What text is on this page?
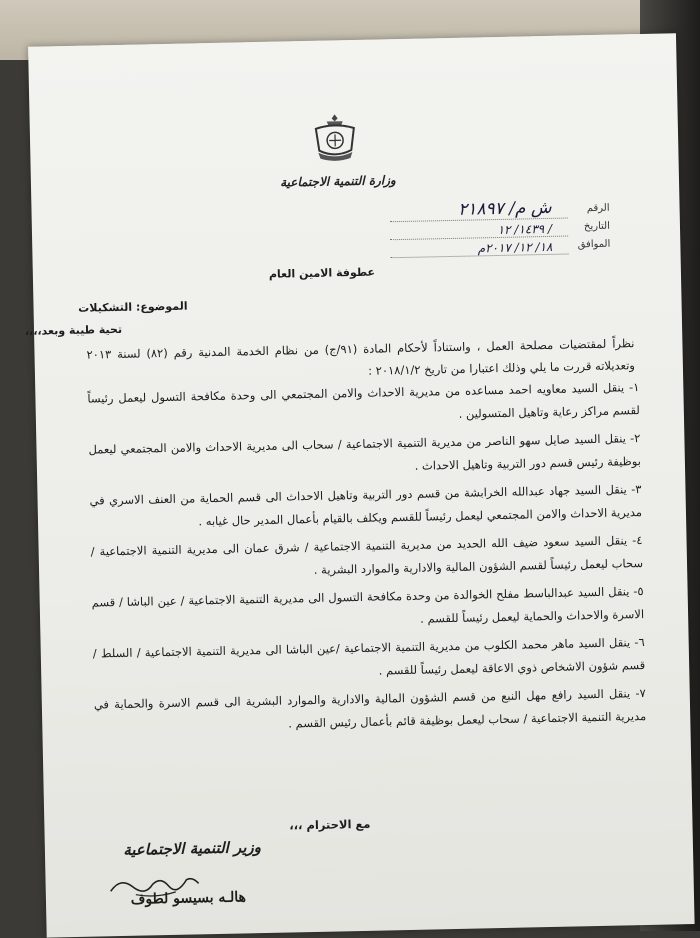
وزارة التنمية الاجتماعية
الرقم
ش م/ ٢١٨٩٧
التاريخ
/ ١٤٣٩/ ١٢
الموافق
١٨/ ١٢/ ٢٠١٧م
عطوفة الامين العام
الموضوع: التشكيلات
تحية طيبة وبعد،،،،
نظراً لمقتضيات مصلحة العمل ، واستناداً لأحكام المادة (٩١/ج) من نظام الخدمة المدنية رقم (٨٢) لسنة ٢٠١٣ وتعديلاته قررت ما يلي وذلك اعتبارا من تاريخ ٢٠١٨/١/٢ :
١- ينقل السيد معاويه احمد مساعده من مديرية الاحداث والامن المجتمعي الى وحدة مكافحة التسول ليعمل رئيساً لقسم مراكز رعاية وتاهيل المتسولين .
٢- ينقل السيد صايل سهو الناصر من مديرية التنمية الاجتماعية / سحاب الى مديرية الاحداث والامن المجتمعي ليعمل بوظيفة رئيس قسم دور التربية وتاهيل الاحداث .
٣- ينقل السيد جهاد عبدالله الخرابشة من قسم دور التربية وتاهيل الاحداث الى قسم الحماية من العنف الاسري في مديرية الاحداث والامن المجتمعي ليعمل رئيساً للقسم ويكلف بالقيام بأعمال المدير حال غيابه .
٤- ينقل السيد سعود ضيف الله الحديد من مديرية التنمية الاجتماعية / شرق عمان الى مديرية التنمية الاجتماعية / سحاب ليعمل رئيساً لقسم الشؤون المالية والادارية والموارد البشرية .
٥- ينقل السيد عبدالباسط مفلح الخوالدة من وحدة مكافحة التسول الى مديرية التنمية الاجتماعية / عين الباشا / قسم الاسرة والاحداث والحماية ليعمل رئيساً للقسم .
٦- ينقل السيد ماهر محمد الكلوب من مديرية التنمية الاجتماعية /عين الباشا الى مديرية التنمية الاجتماعية / السلط / قسم شؤون الاشخاص ذوي الاعاقة ليعمل رئيساً للقسم .
٧- ينقل السيد رافع مهل النبع من قسم الشؤون المالية والادارية والموارد البشرية الى قسم الاسرة والحماية في مديرية التنمية الاجتماعية / سحاب ليعمل بوظيفة قائم بأعمال رئيس القسم .
مع الاحترام ،،،
وزير التنمية الاجتماعية
هالـه بسيسو لطوف
